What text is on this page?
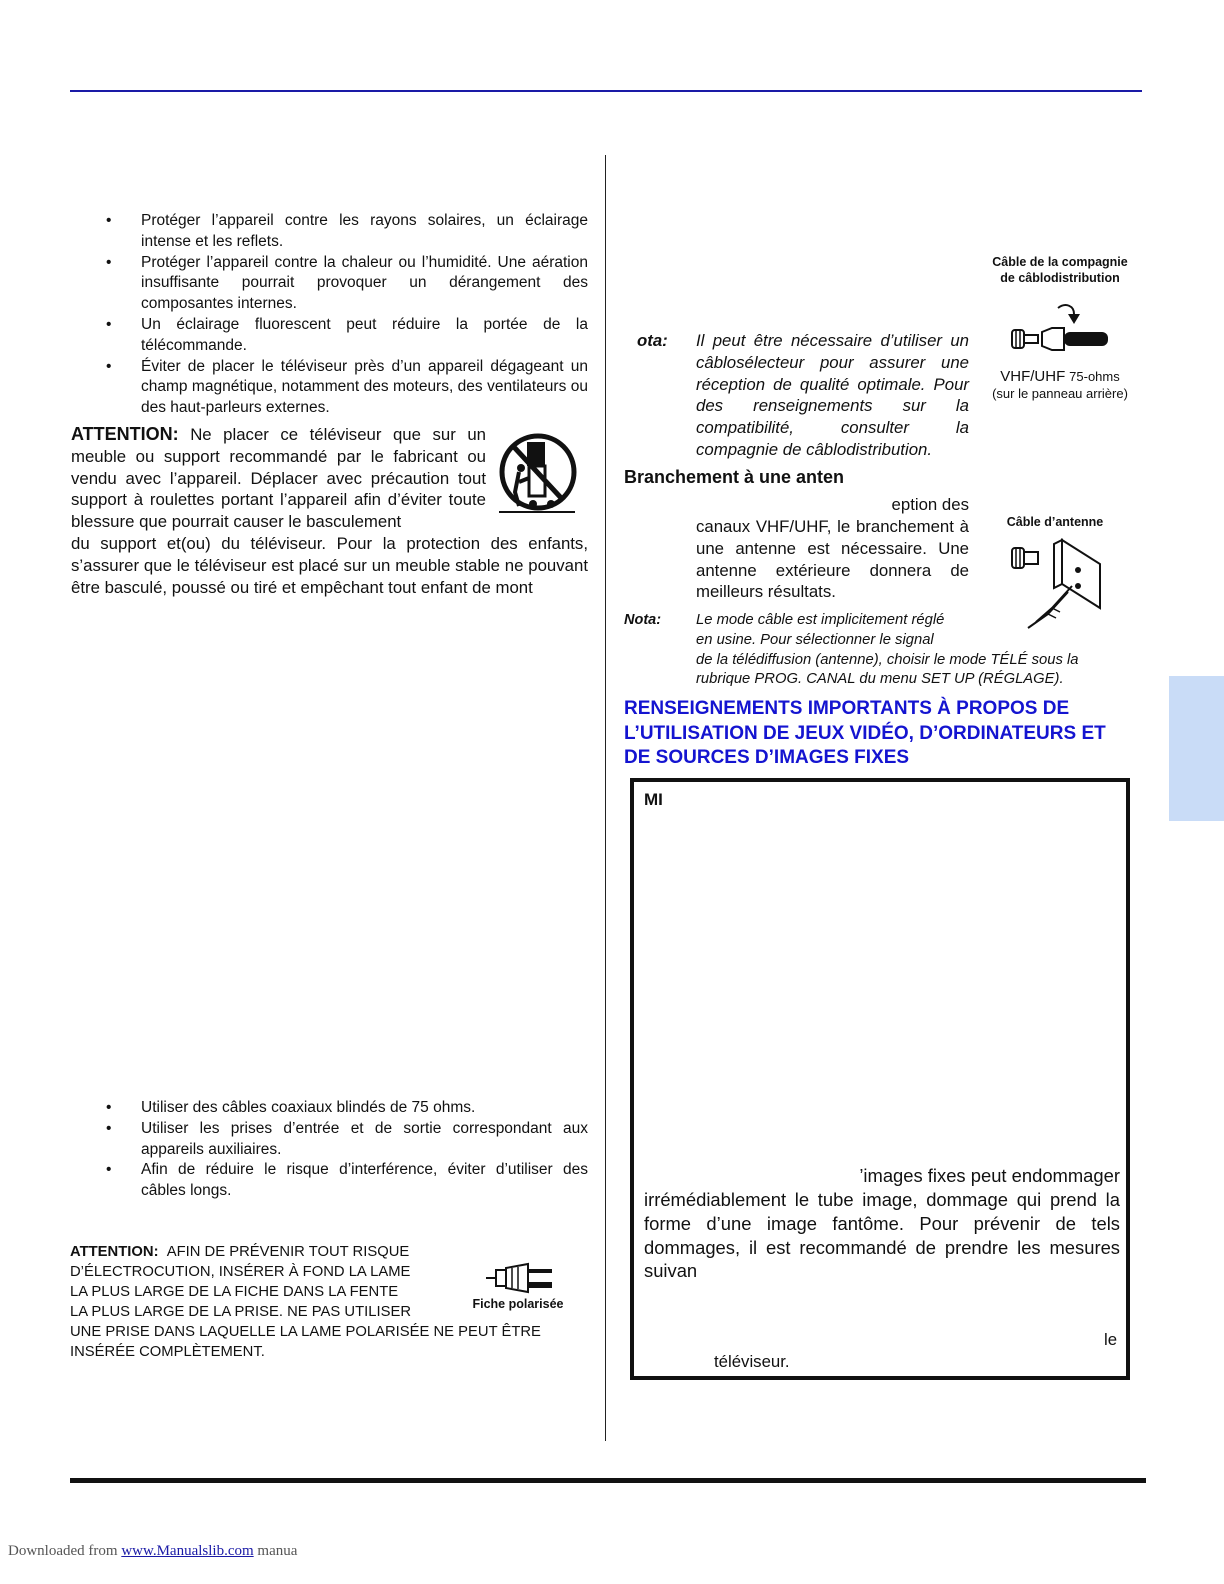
• Protéger l’appareil contre les rayons solaires, un éclairage intense et les reflets.
• Protéger l’appareil contre la chaleur ou l’humidité. Une aération insuffisante pourrait provoquer un dérangement des composantes internes.
• Un éclairage fluorescent peut réduire la portée de la télécommande.
• Éviter de placer le téléviseur près d’un appareil dégageant un champ magnétique, notamment des moteurs, des ventilateurs ou des haut-parleurs externes.
ATTENTION: Ne placer ce téléviseur que sur un meuble ou support recommandé par le fabricant ou vendu avec l’appareil. Déplacer avec précaution tout support à roulettes portant l’appareil afin d’éviter toute blessure que pourrait causer le basculement
du support et(ou) du téléviseur. Pour la protection des enfants, s’assurer que le téléviseur est placé sur un meuble stable ne pouvant être basculé, poussé ou tiré et empêchant tout enfant de mont
• Utiliser des câbles coaxiaux blindés de 75 ohms.
• Utiliser les prises d’entrée et de sortie correspondant aux appareils auxiliaires.
• Afin de réduire le risque d’interférence, éviter d’utiliser des câbles longs.
ATTENTION: AFIN DE PRÉVENIR TOUT RISQUE
D’ÉLECTROCUTION, INSÉRER À FOND LA LAME
LA PLUS LARGE DE LA FICHE DANS LA FENTE
LA PLUS LARGE DE LA PRISE. NE PAS UTILISER
UNE PRISE DANS LAQUELLE LA LAME POLARISÉE NE PEUT ÊTRE
INSÉRÉE COMPLÈTEMENT.
Fiche polarisée
Câble de la compagnie
de câblodistribution
ota: Il peut être nécessaire d’utiliser un câblosélecteur pour assurer une réception de qualité optimale. Pour des renseignements sur la compatibilité, consulter la compagnie de câblodistribution.
VHF/UHF 75-ohms
(sur le panneau arrière)
Branchement à une anten
eption des
canaux VHF/UHF, le branchement à une antenne est nécessaire. Une antenne extérieure donnera de meilleurs résultats.
Câble d’antenne
Nota: Le mode câble est implicitement réglé
en usine. Pour sélectionner le signal
de la télédiffusion (antenne), choisir le mode TÉLÉ sous la
rubrique PROG. CANAL du menu SET UP (RÉGLAGE).
RENSEIGNEMENTS IMPORTANTS À PROPOS DE
L’UTILISATION DE JEUX VIDÉO, D’ORDINATEURS ET
DE SOURCES D’IMAGES FIXES
MI
’images fixes peut endommager
irrémédiablement le tube image, dommage qui prend la forme d’une image fantôme. Pour prévenir de tels dommages, il est recommandé de prendre les mesures suivan
le
téléviseur.
Downloaded from www.Manualslib.com manua
